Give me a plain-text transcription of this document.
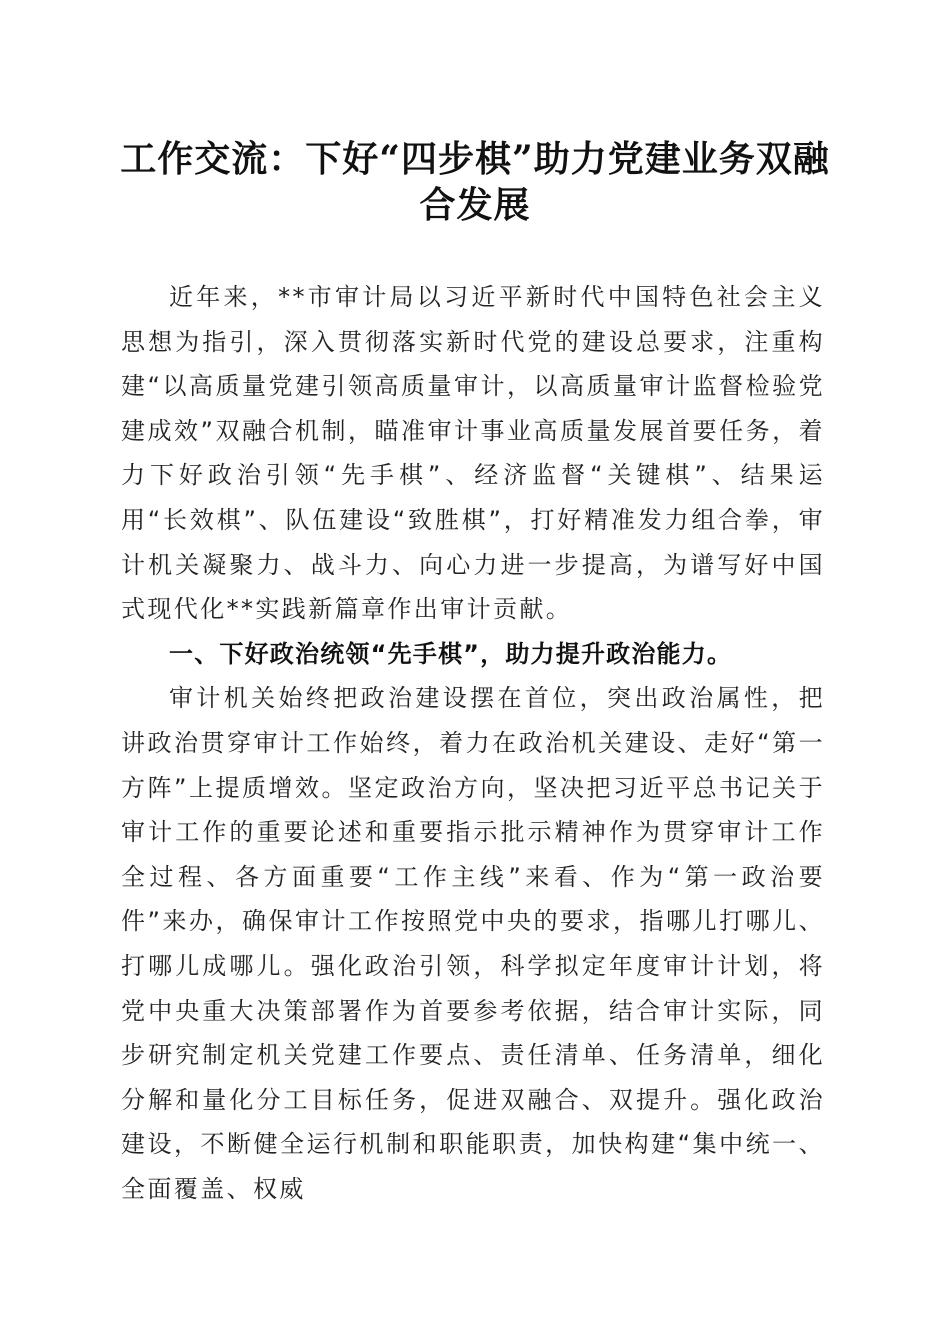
工作交流：下好“四步棋”助力党建业务双融合发展

近年来，**市审计局以习近平新时代中国特色社会主义思想为指引，深入贯彻落实新时代党的建设总要求，注重构建“以高质量党建引领高质量审计，以高质量审计监督检验党建成效”双融合机制，瞄准审计事业高质量发展首要任务，着力下好政治引领“先手棋”、经济监督“关键棋”、结果运用“长效棋”、队伍建设“致胜棋”，打好精准发力组合拳，审计机关凝聚力、战斗力、向心力进一步提高，为谱写好中国式现代化**实践新篇章作出审计贡献。

一、下好政治统领“先手棋”，助力提升政治能力。

审计机关始终把政治建设摆在首位，突出政治属性，把讲政治贯穿审计工作始终，着力在政治机关建设、走好“第一方阵”上提质增效。坚定政治方向，坚决把习近平总书记关于审计工作的重要论述和重要指示批示精神作为贯穿审计工作全过程、各方面重要“工作主线”来看、作为“第一政治要件”来办，确保审计工作按照党中央的要求，指哪儿打哪儿、打哪儿成哪儿。强化政治引领，科学拟定年度审计计划，将党中央重大决策部署作为首要参考依据，结合审计实际，同步研究制定机关党建工作要点、责任清单、任务清单，细化分解和量化分工目标任务，促进双融合、双提升。强化政治建设，不断健全运行机制和职能职责，加快构建“集中统一、全面覆盖、权威
